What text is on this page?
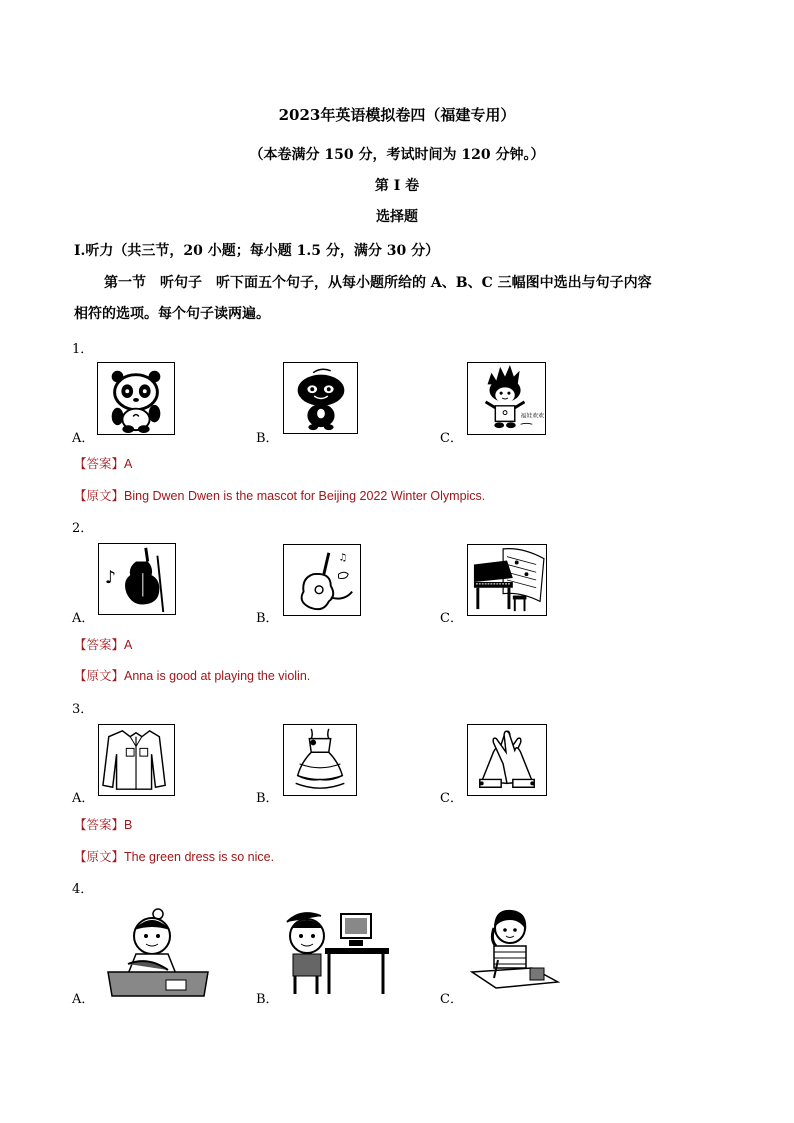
2023年英语模拟卷四（福建专用）
（本卷满分 150 分，考试时间为 120 分钟。）
第 I 卷
选择题
Ⅰ.听力（共三节，20 小题；每小题 1.5 分，满分 30 分）
第一节　听句子　听下面五个句子，从每小题所给的 A、B、C 三幅图中选出与句子内容
相符的选项。每个句子读两遍。
1．
A．	B．
福娃欢欢
C．
【答案】A
【原文】Bing Dwen Dwen is the mascot for Beijing 2022 Winter Olympics.
2．
♪
A．
♫
B．	C．
【答案】A
【原文】Anna is good at playing the violin.
3．
A．	B．	C．
【答案】B
【原文】The green dress is so nice.
4．
A．	B．	C．
